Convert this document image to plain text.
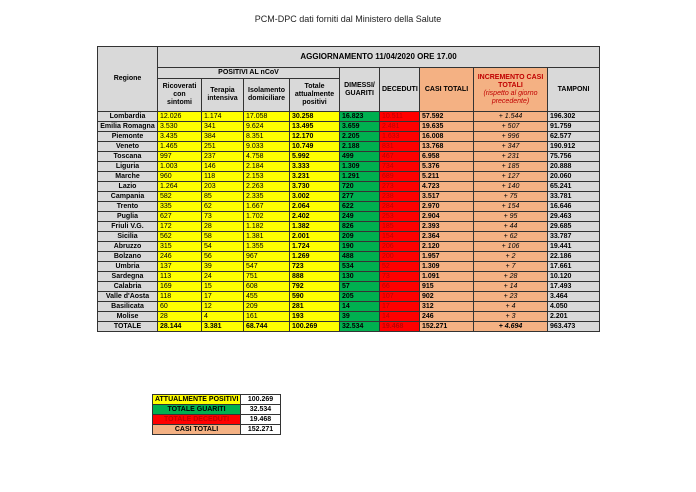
PCM-DPC dati forniti dal Ministero della Salute
Regione	AGGIORNAMENTO 11/04/2020 ORE 17.00								
	POSITIVI AL nCoV				DIMESSI/ GUARITI	DECEDUTI	CASI TOTALI	INCREMENTO CASI TOTALI
(rispetto al giorno precedente)	TAMPONI
	Ricoverati con sintomi	Terapia intensiva	Isolamento domiciliare	Totale attualmente positivi					
Lombardia	12.026	1.174	17.058	30.258	16.823	10.511	57.592	+ 1.544	196.302
Emilia Romagna	3.530	341	9.624	13.495	3.659	2.481	19.635	+ 507	91.759
Piemonte	3.435	384	8.351	12.170	2.205	1.633	16.008	+ 996	62.577
Veneto	1.465	251	9.033	10.749	2.188	831	13.768	+ 347	190.912
Toscana	997	237	4.758	5.992	499	467	6.958	+ 231	75.756
Liguria	1.003	146	2.184	3.333	1.309	734	5.376	+ 185	20.888
Marche	960	118	2.153	3.231	1.291	689	5.211	+ 127	20.060
Lazio	1.264	203	2.263	3.730	720	273	4.723	+ 140	65.241
Campania	582	85	2.335	3.002	277	238	3.517	+ 75	33.781
Trento	335	62	1.667	2.064	622	284	2.970	+ 154	16.646
Puglia	627	73	1.702	2.402	249	253	2.904	+ 95	29.463
Friuli V.G.	172	28	1.182	1.382	826	185	2.393	+ 44	29.685
Sicilia	562	58	1.381	2.001	209	154	2.364	+ 62	33.787
Abruzzo	315	54	1.355	1.724	190	206	2.120	+ 106	19.441
Bolzano	246	56	967	1.269	488	200	1.957	+ 2	22.186
Umbria	137	39	547	723	534	52	1.309	+ 7	17.661
Sardegna	113	24	751	888	130	73	1.091	+ 28	10.120
Calabria	169	15	608	792	57	66	915	+ 14	17.493
Valle d'Aosta	118	17	455	590	205	107	902	+ 23	3.464
Basilicata	60	12	209	281	14	17	312	+ 4	4.050
Molise	28	4	161	193	39	14	246	+ 3	2.201
TOTALE	28.144	3.381	68.744	100.269	32.534	19.468	152.271	+ 4.694	963.473
ATTUALMENTE POSITIVI	100.269
TOTALE GUARITI	32.534
TOTALE DECEDUTI	19.468
CASI TOTALI	152.271
